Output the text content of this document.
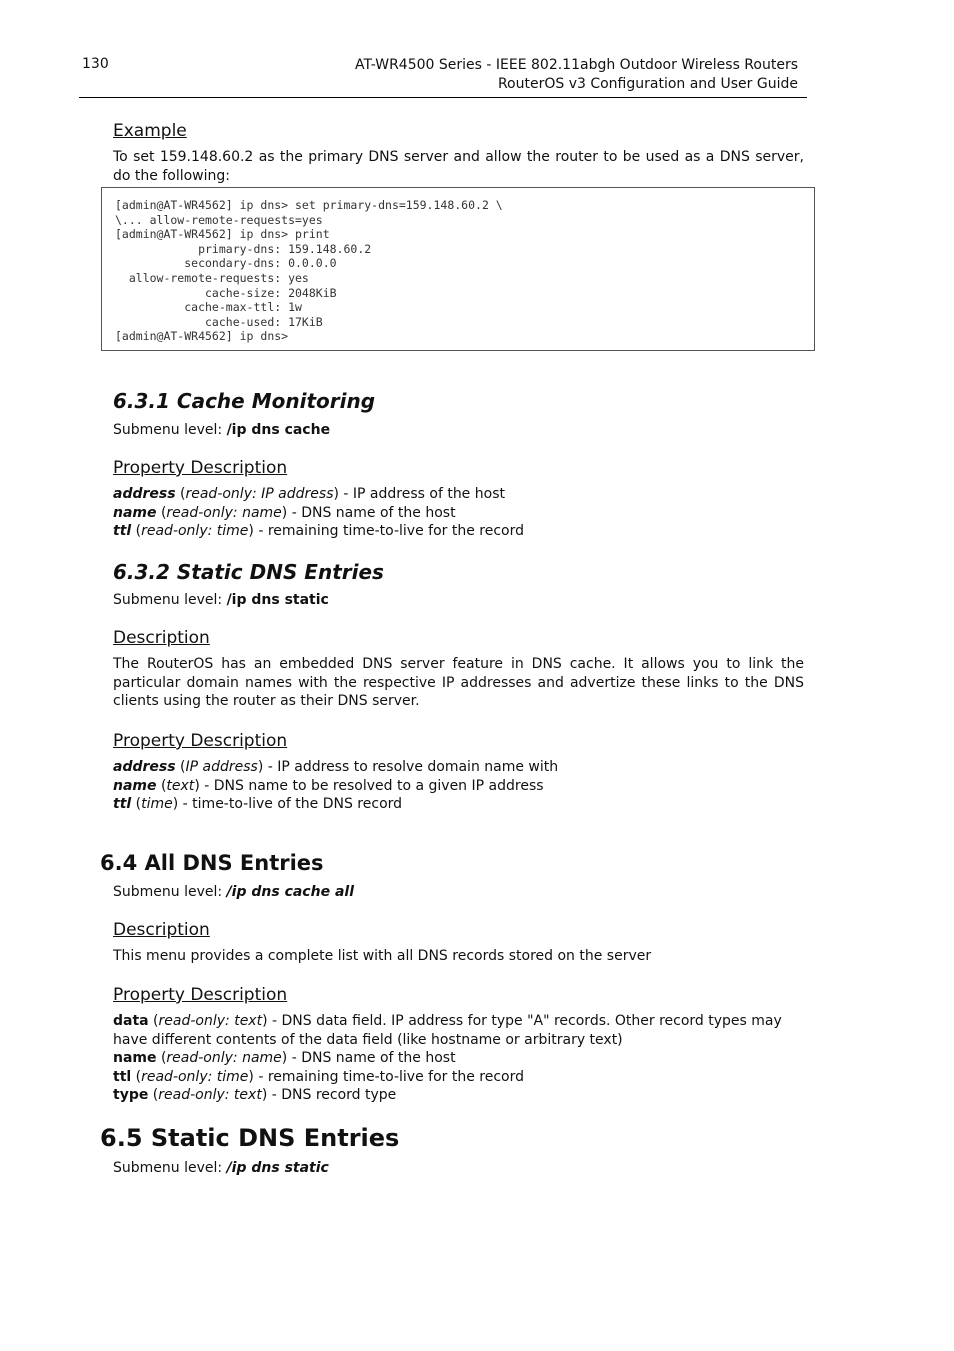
130	AT-WR4500 Series - IEEE 802.11abgh Outdoor Wireless Routers
RouterOS v3 Configuration and User Guide
Example
To set 159.148.60.2 as the primary DNS server and allow the router to be used as a DNS server, do the following:
[admin@AT-WR4562] ip dns> set primary-dns=159.148.60.2 \
\... allow-remote-requests=yes
[admin@AT-WR4562] ip dns> print
primary-dns: 159.148.60.2
secondary-dns: 0.0.0.0
allow-remote-requests: yes
cache-size: 2048KiB
cache-max-ttl: 1w
cache-used: 17KiB
[admin@AT-WR4562] ip dns>
6.3.1 Cache Monitoring
Submenu level: /ip dns cache
Property Description
address (read-only: IP address) - IP address of the host
name (read-only: name) - DNS name of the host
ttl (read-only: time) - remaining time-to-live for the record
6.3.2 Static DNS Entries
Submenu level: /ip dns static
Description
The RouterOS has an embedded DNS server feature in DNS cache. It allows you to link the particular domain names with the respective IP addresses and advertize these links to the DNS clients using the router as their DNS server.
Property Description
address (IP address) - IP address to resolve domain name with
name (text) - DNS name to be resolved to a given IP address
ttl (time) - time-to-live of the DNS record
6.4 All DNS Entries
Submenu level: /ip dns cache all
Description
This menu provides a complete list with all DNS records stored on the server
Property Description
data (read-only: text) - DNS data field. IP address for type "A" records. Other record types may have different contents of the data field (like hostname or arbitrary text)
name (read-only: name) - DNS name of the host
ttl (read-only: time) - remaining time-to-live for the record
type (read-only: text) - DNS record type
6.5 Static DNS Entries
Submenu level: /ip dns static
